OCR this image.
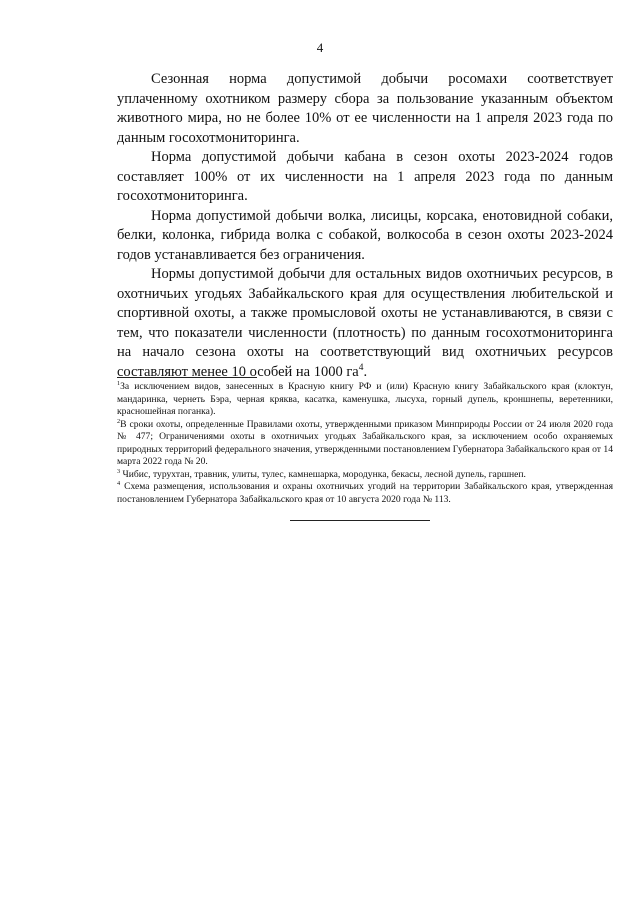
4

Сезонная норма допустимой добычи росомахи соответствует уплаченному охотником размеру сбора за пользование указанным объектом животного мира, но не более 10% от ее численности на 1 апреля 2023 года по данным госохотмониторинга.

Норма допустимой добычи кабана в сезон охоты 2023-2024 годов составляет 100% от их численности на 1 апреля 2023 года по данным госохотмониторинга.

Норма допустимой добычи волка, лисицы, корсака, енотовидной собаки, белки, колонка, гибрида волка с собакой, волкособа в сезон охоты 2023-2024 годов устанавливается без ограничения.

Нормы допустимой добычи для остальных видов охотничьих ресурсов, в охотничьих угодьях Забайкальского края для осуществления любительской и спортивной охоты, а также промысловой охоты не устанавливаются, в связи с тем, что показатели численности (плотность) по данным госохотмониторинга на начало сезона охоты на соответствующий вид охотничьих ресурсов составляют менее 10 особей на 1000 $га^4$.

$^1$За исключением видов, занесенных в Красную книгу РФ и (или) Красную книгу Забайкальского края (клоктун, мандаринка, чернеть Бэра, черная кряква, касатка, каменушка, лысуха, горный дупель, кроншнепы, веретенники, красношейная поганка).

$^2$В сроки охоты, определенные Правилами охоты, утвержденными приказом Минприроды России от 24 июля 2020 года № 477; Ограничениями охоты в охотничьих угодьях Забайкальского края, за исключением особо охраняемых природных территорий федерального значения, утвержденными постановлением Губернатора Забайкальского края от 14 марта 2022 года № 20.

$^3$ Чибис, турухтан, травник, улиты, тулес, камнешарка, мородунка, бекасы, лесной дупель, гаршнеп.

$^4$ Схема размещения, использования и охраны охотничьих угодий на территории Забайкальского края, утвержденная постановлением Губернатора Забайкальского края от 10 августа 2020 года № 113.
